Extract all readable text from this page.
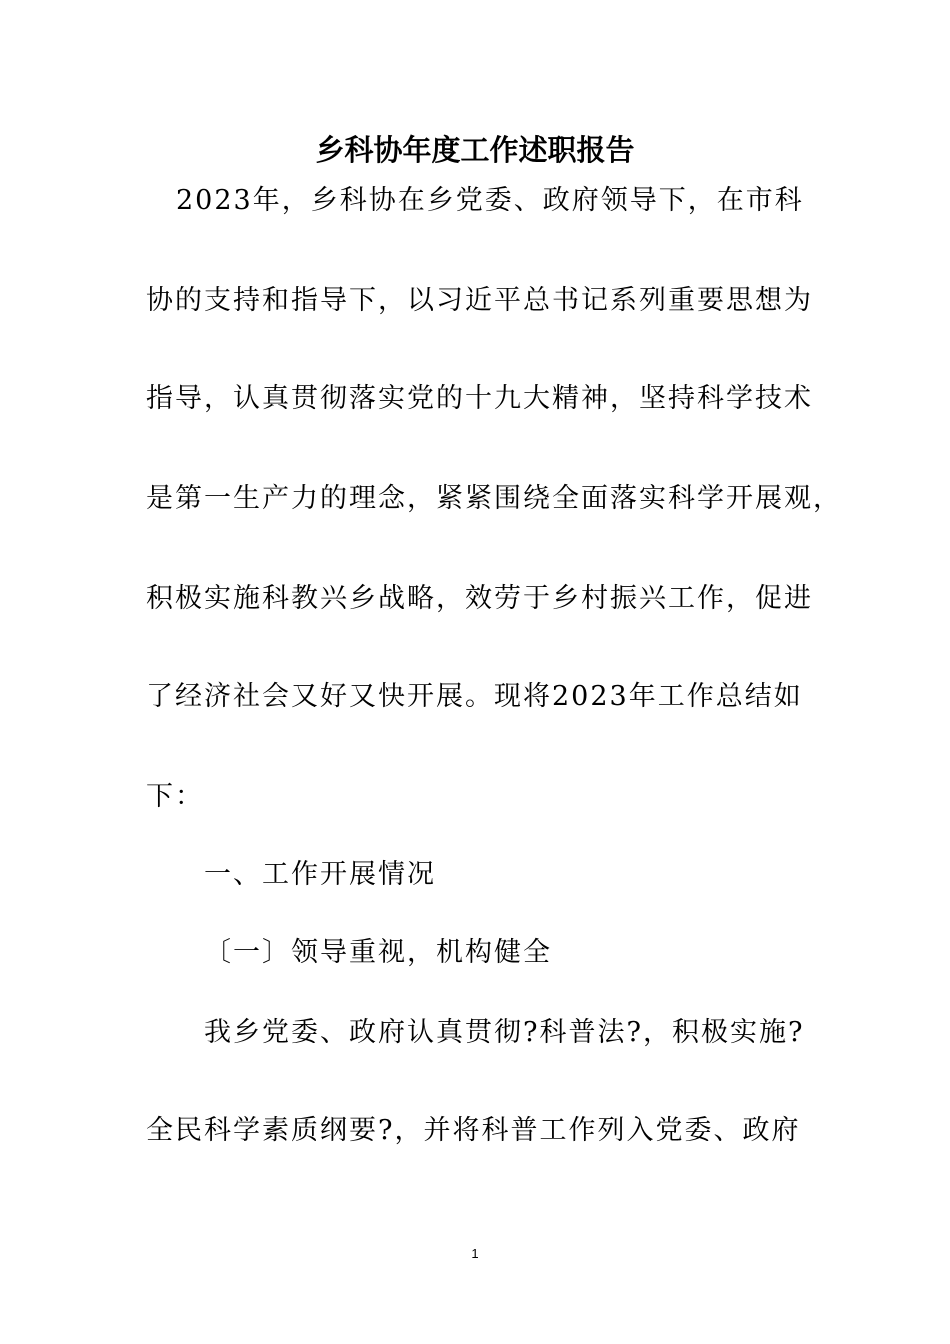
乡科协年度工作述职报告
2023年，乡科协在乡党委、政府领导下，在市科
协的支持和指导下，以习近平总书记系列重要思想为
指导，认真贯彻落实党的十九大精神，坚持科学技术
是第一生产力的理念，紧紧围绕全面落实科学开展观，
积极实施科教兴乡战略，效劳于乡村振兴工作，促进
了经济社会又好又快开展。现将2023年工作总结如
下：
一、工作开展情况
〔一〕领导重视，机构健全
我乡党委、政府认真贯彻?科普法?，积极实施?
全民科学素质纲要?，并将科普工作列入党委、政府
1
